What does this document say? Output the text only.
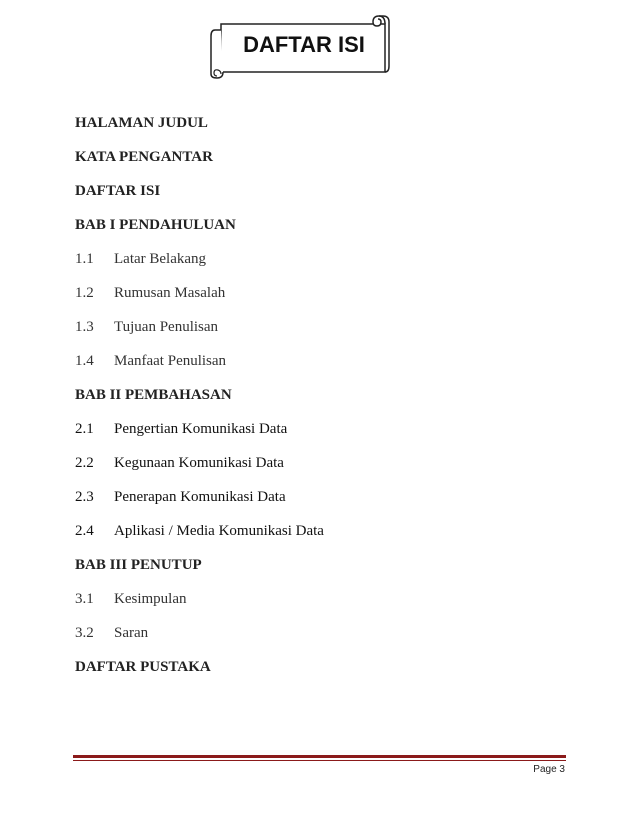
DAFTAR ISI
HALAMAN JUDUL
KATA PENGANTAR
DAFTAR ISI
BAB I PENDAHULUAN
1.1	Latar Belakang
1.2	Rumusan Masalah
1.3	Tujuan Penulisan
1.4	Manfaat Penulisan
BAB II PEMBAHASAN
2.1	Pengertian Komunikasi Data
2.2	Kegunaan Komunikasi Data
2.3	Penerapan Komunikasi Data
2.4	Aplikasi / Media Komunikasi Data
BAB III PENUTUP
3.1	Kesimpulan
3.2	Saran
DAFTAR PUSTAKA
Page 3
